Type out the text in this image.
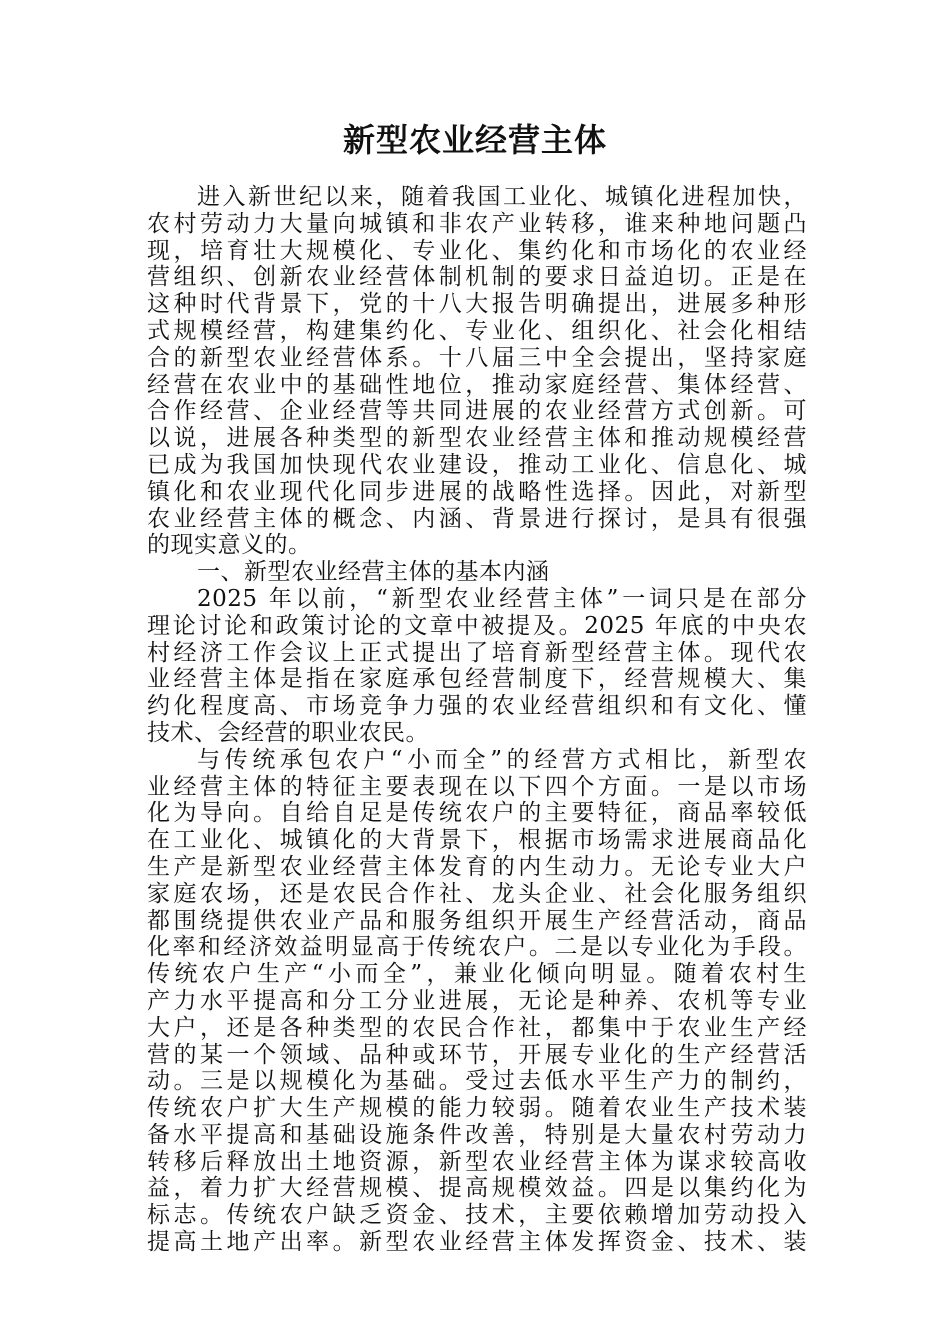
新型农业经营主体
进入新世纪以来，随着我国工业化、城镇化进程加快，
农村劳动力大量向城镇和非农产业转移，谁来种地问题凸
现，培育壮大规模化、专业化、集约化和市场化的农业经
营组织、创新农业经营体制机制的要求日益迫切。正是在
这种时代背景下，党的十八大报告明确提出，进展多种形
式规模经营，构建集约化、专业化、组织化、社会化相结
合的新型农业经营体系。十八届三中全会提出，坚持家庭
经营在农业中的基础性地位，推动家庭经营、集体经营、
合作经营、企业经营等共同进展的农业经营方式创新。可
以说，进展各种类型的新型农业经营主体和推动规模经营
已成为我国加快现代农业建设，推动工业化、信息化、城
镇化和农业现代化同步进展的战略性选择。因此，对新型
农业经营主体的概念、内涵、背景进行探讨，是具有很强
的现实意义的。
一、新型农业经营主体的基本内涵
2025 年以前，“新型农业经营主体”一词只是在部分
理论讨论和政策讨论的文章中被提及。2025 年底的中央农
村经济工作会议上正式提出了培育新型经营主体。现代农
业经营主体是指在家庭承包经营制度下，经营规模大、集
约化程度高、市场竞争力强的农业经营组织和有文化、懂
技术、会经营的职业农民。
与传统承包农户“小而全”的经营方式相比，新型农
业经营主体的特征主要表现在以下四个方面。一是以市场
化为导向。自给自足是传统农户的主要特征，商品率较低
在工业化、城镇化的大背景下，根据市场需求进展商品化
生产是新型农业经营主体发育的内生动力。无论专业大户
家庭农场，还是农民合作社、龙头企业、社会化服务组织
都围绕提供农业产品和服务组织开展生产经营活动，商品
化率和经济效益明显高于传统农户。二是以专业化为手段。
传统农户生产“小而全”，兼业化倾向明显。随着农村生
产力水平提高和分工分业进展，无论是种养、农机等专业
大户，还是各种类型的农民合作社，都集中于农业生产经
营的某一个领域、品种或环节，开展专业化的生产经营活
动。三是以规模化为基础。受过去低水平生产力的制约，
传统农户扩大生产规模的能力较弱。随着农业生产技术装
备水平提高和基础设施条件改善，特别是大量农村劳动力
转移后释放出土地资源，新型农业经营主体为谋求较高收
益，着力扩大经营规模、提高规模效益。四是以集约化为
标志。传统农户缺乏资金、技术，主要依赖增加劳动投入
提高土地产出率。新型农业经营主体发挥资金、技术、装
